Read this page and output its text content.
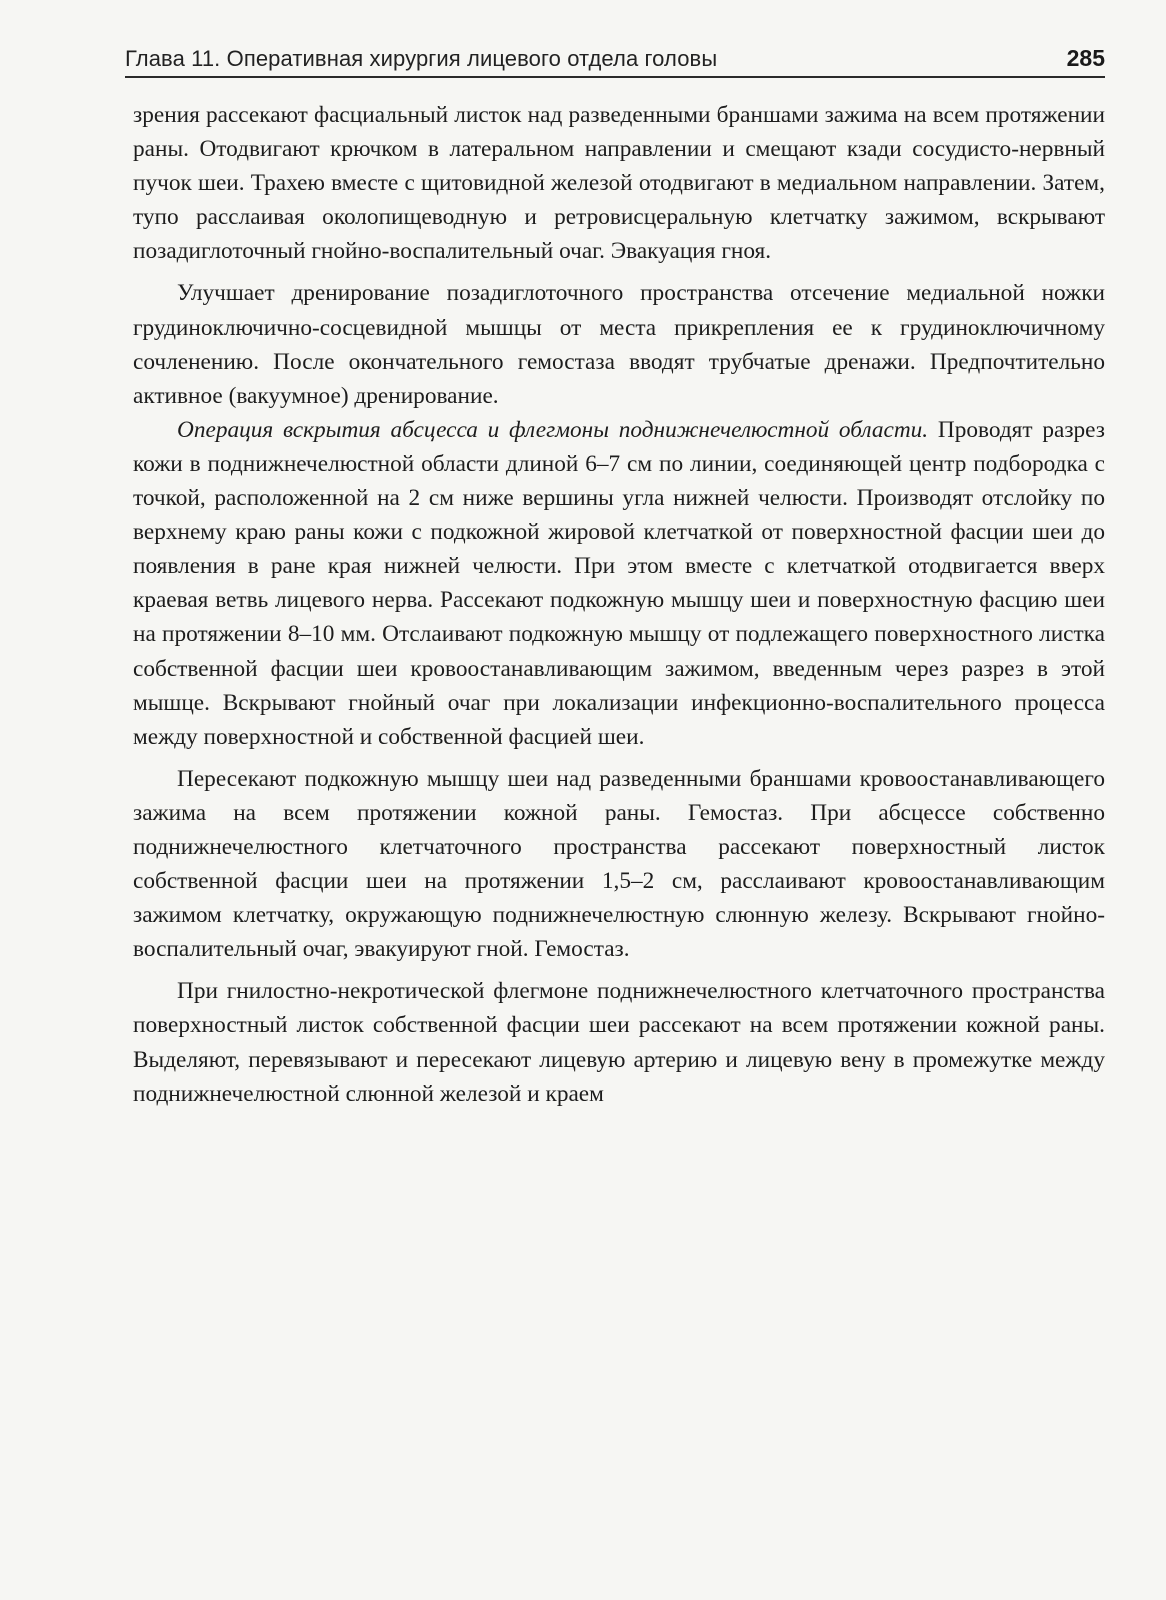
Глава 11. Оперативная хирургия лицевого отдела головы	285

зрения рассекают фасциальный листок над разведенными браншами зажима на всем протяжении раны. Отодвигают крючком в латеральном направлении и смещают кзади сосудисто-нервный пучок шеи. Трахею вместе с щитовидной железой отодвигают в медиальном направлении. Затем, тупо расслаивая околопищеводную и ретровисцеральную клетчатку зажимом, вскрывают позадиглоточный гнойно-воспалительный очаг. Эвакуация гноя.

Улучшает дренирование позадиглоточного пространства отсечение медиальной ножки грудиноключично-сосцевидной мышцы от места прикрепления ее к грудиноключичному сочленению. После окончательного гемостаза вводят трубчатые дренажи. Предпочтительно активное (вакуумное) дренирование.

Операция вскрытия абсцесса и флегмоны поднижнечелюстной области. Проводят разрез кожи в поднижнечелюстной области длиной 6–7 см по линии, соединяющей центр подбородка с точкой, расположенной на 2 см ниже вершины угла нижней челюсти. Производят отслойку по верхнему краю раны кожи с подкожной жировой клетчаткой от поверхностной фасции шеи до появления в ране края нижней челюсти. При этом вместе с клетчаткой отодвигается вверх краевая ветвь лицевого нерва. Рассекают подкожную мышцу шеи и поверхностную фасцию шеи на протяжении 8–10 мм. Отслаивают подкожную мышцу от подлежащего поверхностного листка собственной фасции шеи кровоостанавливающим зажимом, введенным через разрез в этой мышце. Вскрывают гнойный очаг при локализации инфекционно-воспалительного процесса между поверхностной и собственной фасцией шеи.

Пересекают подкожную мышцу шеи над разведенными браншами кровоостанавливающего зажима на всем протяжении кожной раны. Гемостаз. При абсцессе собственно поднижнечелюстного клетчаточного пространства рассекают поверхностный листок собственной фасции шеи на протяжении 1,5–2 см, расслаивают кровоостанавливающим зажимом клетчатку, окружающую поднижнечелюстную слюнную железу. Вскрывают гнойно-воспалительный очаг, эвакуируют гной. Гемостаз.

При гнилостно-некротической флегмоне поднижнечелюстного клетчаточного пространства поверхностный листок собственной фасции шеи рассекают на всем протяжении кожной раны. Выделяют, перевязывают и пересекают лицевую артерию и лицевую вену в промежутке между поднижнечелюстной слюнной железой и краем
